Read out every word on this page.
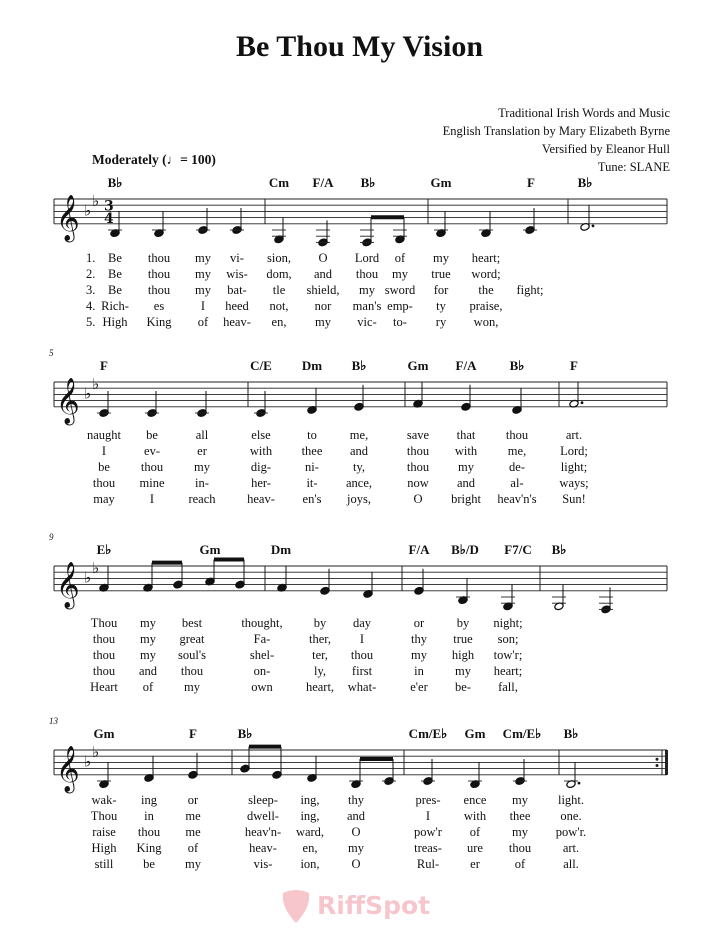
Be Thou My Vision
Traditional Irish Words and Music
English Translation by Mary Elizabeth Byrne
Versified by Eleanor Hull
Tune: SLANE
Moderately (♩= 100)
𝄞 ♭
♭ 3
4
𝄞 ♭
♭
𝄞 ♭
♭
𝄞 ♭
♭
B♭	Cm F/A B♭	Gm	F	B♭
1.
2.
3.
4.
5.
Be thou my vi- sion, O Lord of my heart;
Be thou my wis- dom, and thou my true word;
Be thou my bat- tle shield, my sword for the fight;
Rich- es	I heed not, nor man's emp- ty praise,
High King of heav- en, my vic- to- ry won,
5
F	C/E Dm B♭	Gm F/A	B♭	F
naught be	all	else	to	me,	save that thou	art.
I	ev-	er	with thee and	thou with me,	Lord;
be thou my	dig-	ni-	ty,	thou my	de-	light;
thou mine in-	her-	it- ance,	now and	al-	ways;
may	I	reach	heav- en's joys,	O bright heav'n's Sun!
9
E♭	Gm	Dm	F/A B♭/D F7/C B♭
Thou my best	thought, by day	or	by night;
thou my great	Fa-	ther, I	thy true son;
thou my soul's	shel-	ter, thou	my high tow'r;
thou and thou	on-	ly, first	in my heart;
Heart of my	own	heart, what-	e'er be- fall,
13
Gm	F	B♭	Cm/E♭ Gm Cm/E♭ B♭
wak- ing or	sleep- ing, thy	pres- ence my light.
Thou in	me	dwell- ing, and	I	with thee one.
raise thou me	heav'n- ward, O	pow'r of	my pow'r.
High King of	heav- en, my	treas- ure thou	art.
still be my	vis- ion,	O	Rul- er	of	all.
RiffSpot
